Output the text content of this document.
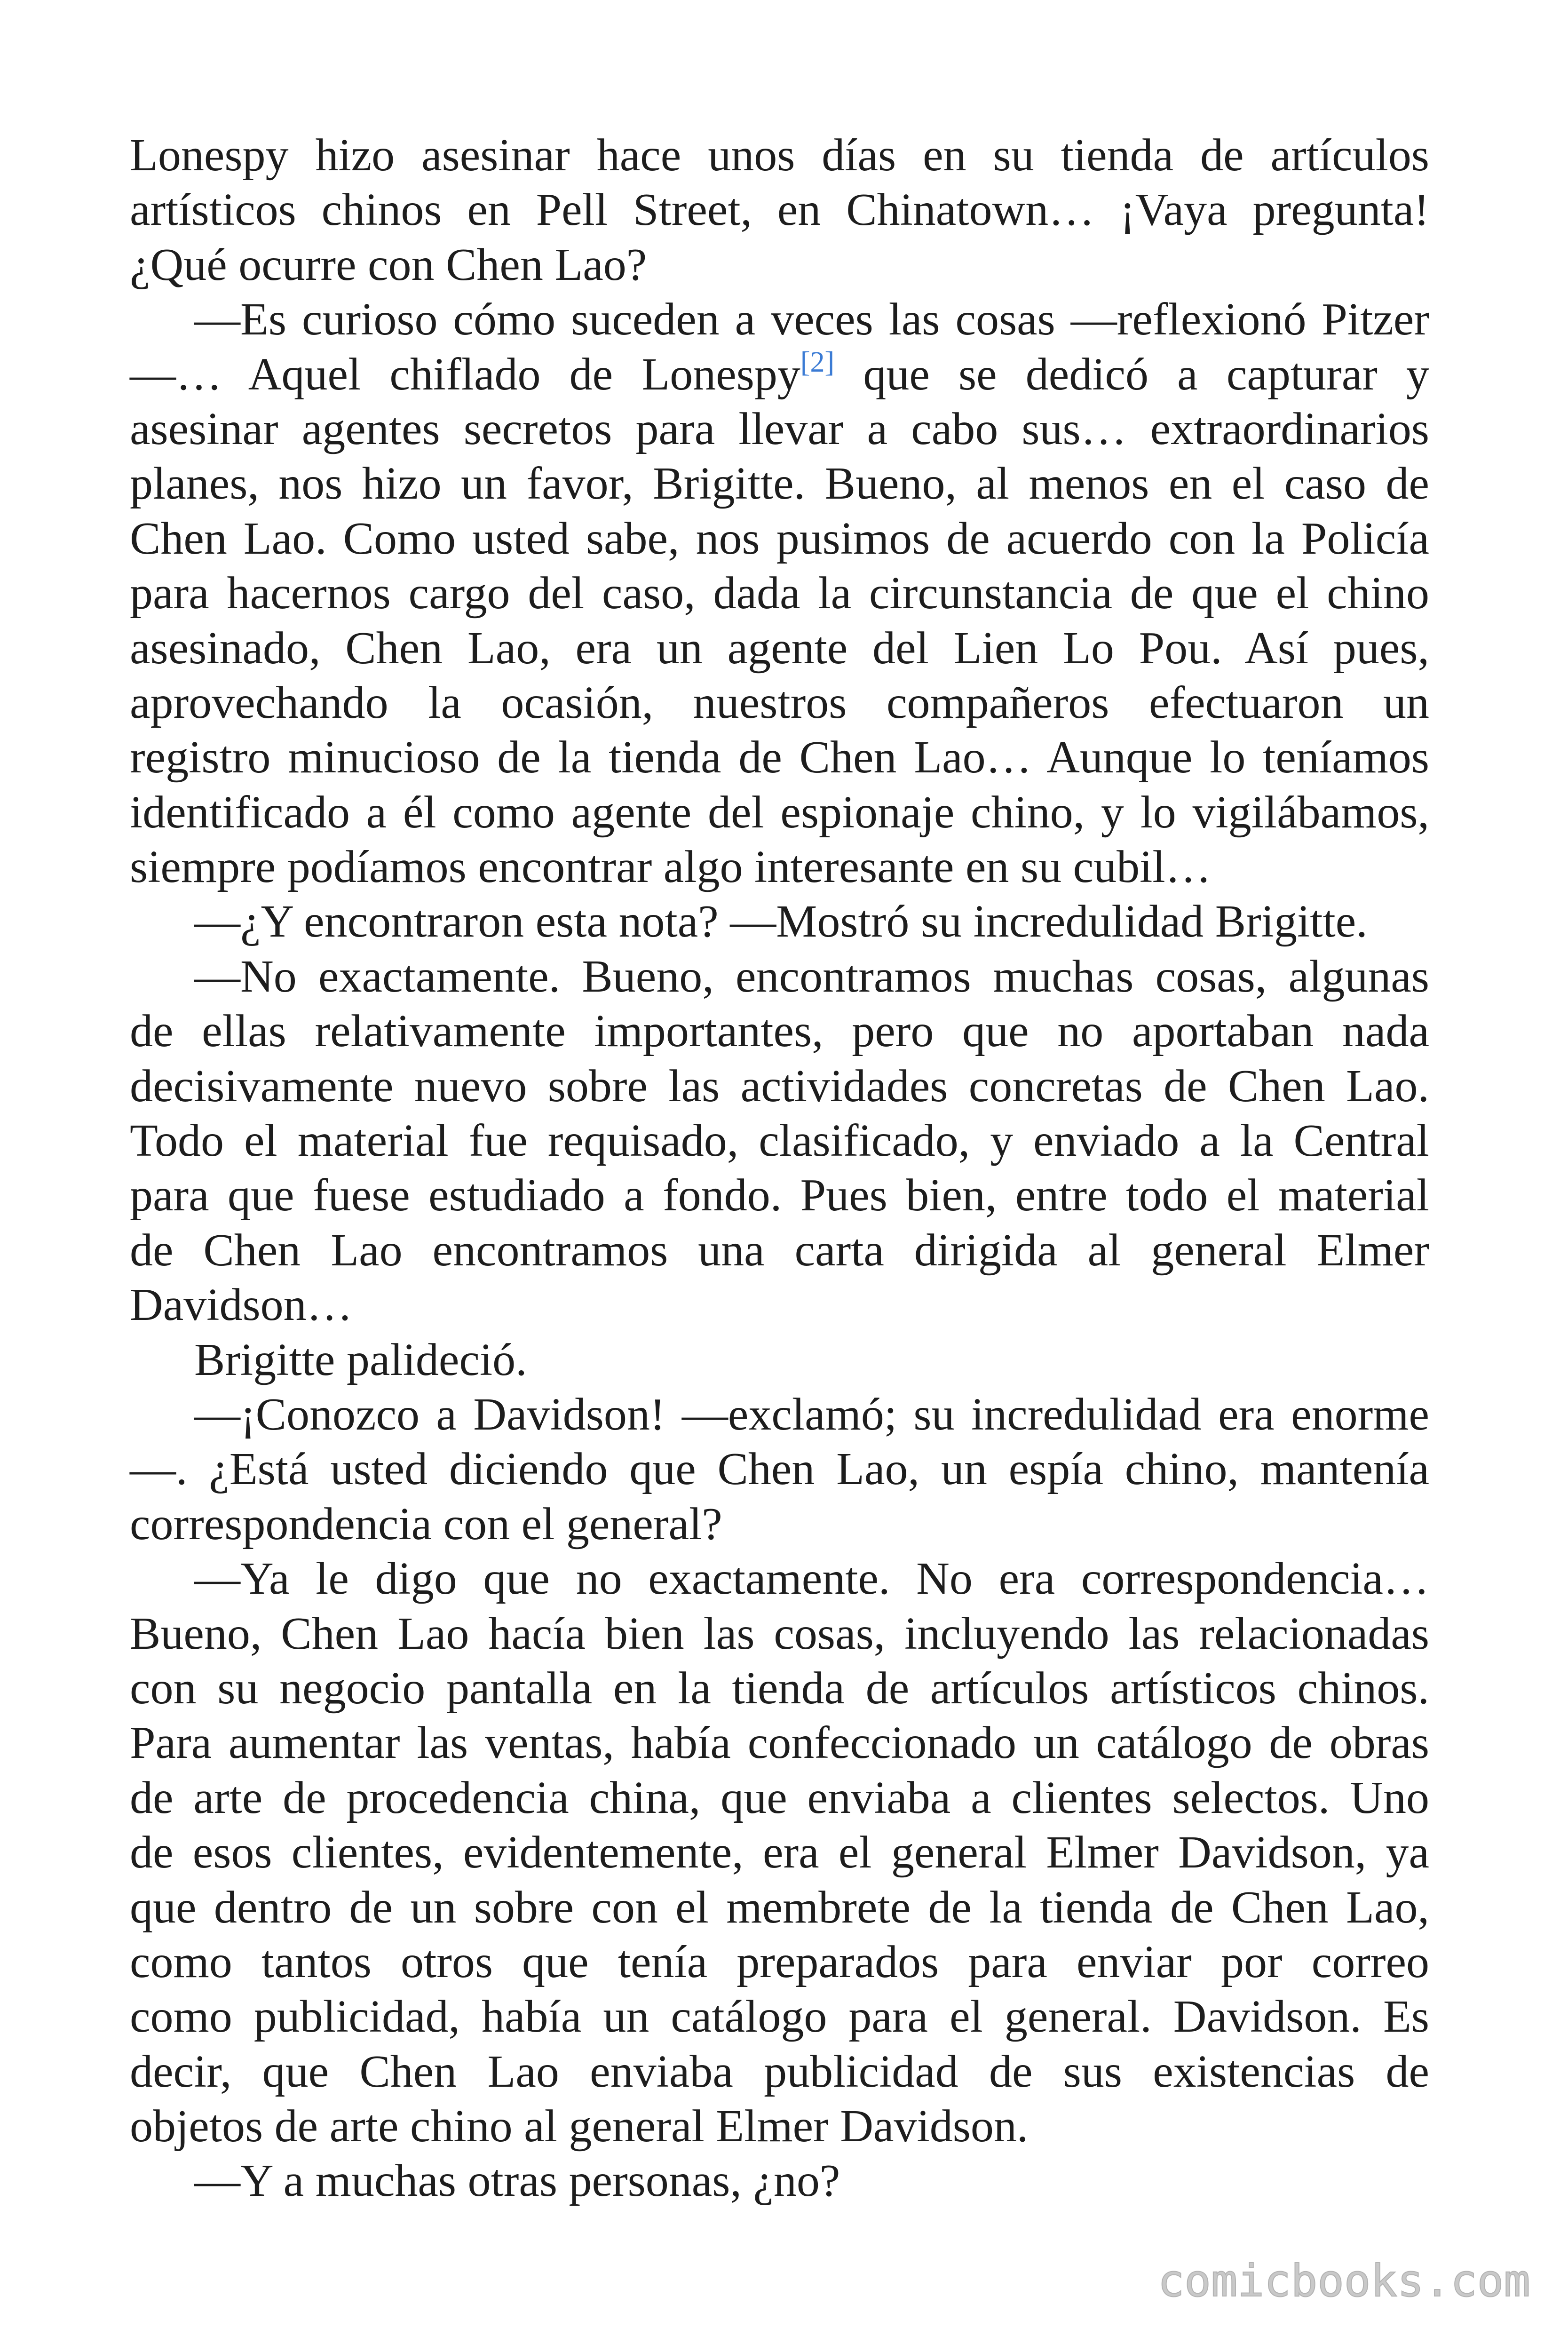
Lonespy hizo asesinar hace unos días en su tienda de artículos
artísticos chinos en Pell Street, en Chinatown… ¡Vaya pregunta!
¿Qué ocurre con Chen Lao?
—Es curioso cómo suceden a veces las cosas —reflexionó Pitzer
—… Aquel chiflado de Lonespy[2] que se dedicó a capturar y
asesinar agentes secretos para llevar a cabo sus… extraordinarios
planes, nos hizo un favor, Brigitte. Bueno, al menos en el caso de
Chen Lao. Como usted sabe, nos pusimos de acuerdo con la Policía
para hacernos cargo del caso, dada la circunstancia de que el chino
asesinado, Chen Lao, era un agente del Lien Lo Pou. Así pues,
aprovechando la ocasión, nuestros compañeros efectuaron un
registro minucioso de la tienda de Chen Lao… Aunque lo teníamos
identificado a él como agente del espionaje chino, y lo vigilábamos,
siempre podíamos encontrar algo interesante en su cubil…
—¿Y encontraron esta nota? —Mostró su incredulidad Brigitte.
—No exactamente. Bueno, encontramos muchas cosas, algunas
de ellas relativamente importantes, pero que no aportaban nada
decisivamente nuevo sobre las actividades concretas de Chen Lao.
Todo el material fue requisado, clasificado, y enviado a la Central
para que fuese estudiado a fondo. Pues bien, entre todo el material
de Chen Lao encontramos una carta dirigida al general Elmer
Davidson…
Brigitte palideció.
—¡Conozco a Davidson! —exclamó; su incredulidad era enorme
—. ¿Está usted diciendo que Chen Lao, un espía chino, mantenía
correspondencia con el general?
—Ya le digo que no exactamente. No era correspondencia…
Bueno, Chen Lao hacía bien las cosas, incluyendo las relacionadas
con su negocio pantalla en la tienda de artículos artísticos chinos.
Para aumentar las ventas, había confeccionado un catálogo de obras
de arte de procedencia china, que enviaba a clientes selectos. Uno
de esos clientes, evidentemente, era el general Elmer Davidson, ya
que dentro de un sobre con el membrete de la tienda de Chen Lao,
como tantos otros que tenía preparados para enviar por correo
como publicidad, había un catálogo para el general. Davidson. Es
decir, que Chen Lao enviaba publicidad de sus existencias de
objetos de arte chino al general Elmer Davidson.
—Y a muchas otras personas, ¿no?
comicbooks.com
